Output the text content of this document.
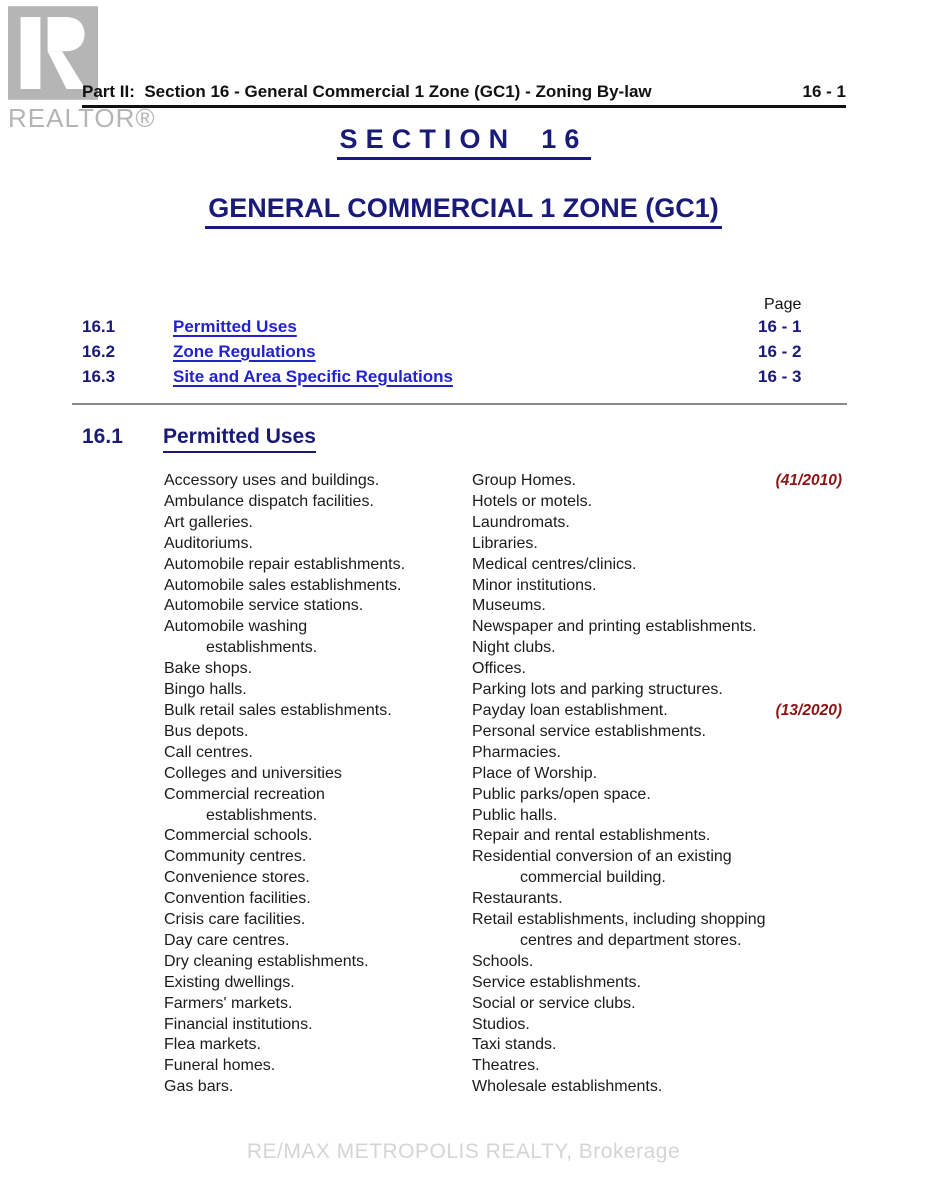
REALTOR®
Part II:  Section 16 - General Commercial 1 Zone (GC1) - Zoning By-law	16 - 1
SECTION 16
GENERAL COMMERCIAL 1 ZONE (GC1)
Page
16.1	Permitted Uses	16 - 1
16.2	Zone Regulations	16 - 2
16.3	Site and Area Specific Regulations	16 - 3
16.1 Permitted Uses
Accessory uses and buildings.
Ambulance dispatch facilities.
Art galleries.
Auditoriums.
Automobile repair establishments.
Automobile sales establishments.
Automobile service stations.
Automobile washing
establishments.
Bake shops.
Bingo halls.
Bulk retail sales establishments.
Bus depots.
Call centres.
Colleges and universities
Commercial recreation
establishments.
Commercial schools.
Community centres.
Convenience stores.
Convention facilities.
Crisis care facilities.
Day care centres.
Dry cleaning establishments.
Existing dwellings.
Farmers' markets.
Financial institutions.
Flea markets.
Funeral homes.
Gas bars.
Group Homes.	(41/2010)
Hotels or motels.
Laundromats.
Libraries.
Medical centres/clinics.
Minor institutions.
Museums.
Newspaper and printing establishments.
Night clubs.
Offices.
Parking lots and parking structures.
Payday loan establishment.	(13/2020)
Personal service establishments.
Pharmacies.
Place of Worship.
Public parks/open space.
Public halls.
Repair and rental establishments.
Residential conversion of an existing
commercial building.
Restaurants.
Retail establishments, including shopping
centres and department stores.
Schools.
Service establishments.
Social or service clubs.
Studios.
Taxi stands.
Theatres.
Wholesale establishments.
RE/MAX METROPOLIS REALTY, Brokerage
